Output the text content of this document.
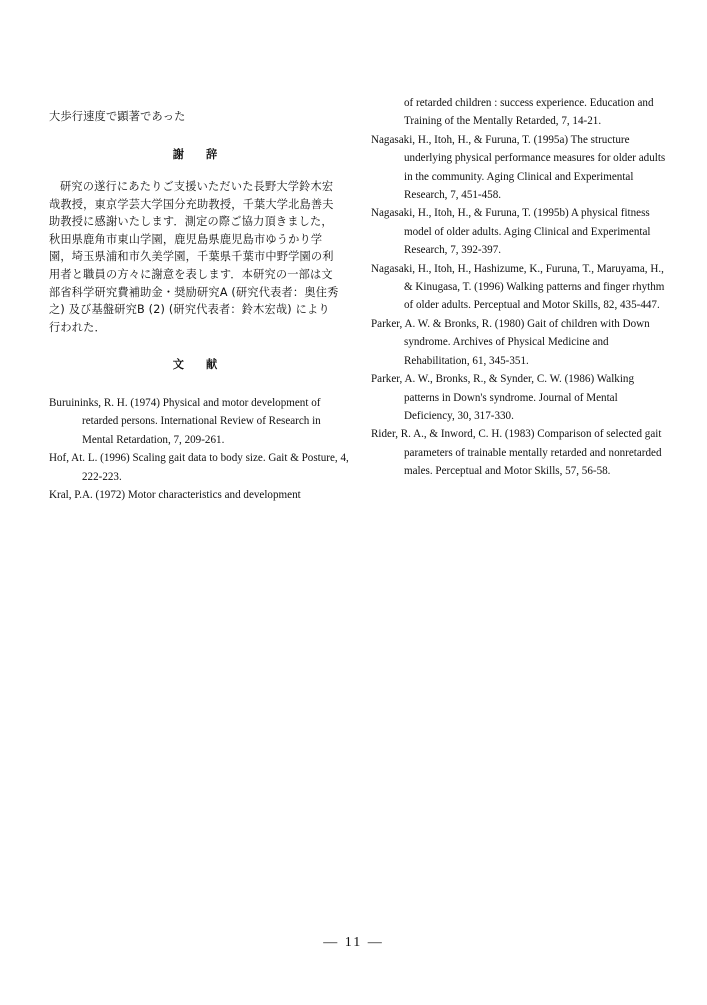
大歩行速度で顕著であった
謝辞

研究の遂行にあたりご支援いただいた長野大学鈴木宏哉教授，東京学芸大学国分充助教授，千葉大学北島善夫助教授に感謝いたします．測定の際ご協力頂きました，秋田県鹿角市東山学園，鹿児島県鹿児島市ゆうかり学園，埼玉県浦和市久美学園，千葉県千葉市中野学園の利用者と職員の方々に謝意を表します．本研究の一部は文部省科学研究費補助金・奨励研究A (研究代表者：奥住秀之) 及び基盤研究B (2) (研究代表者：鈴木宏哉) により行われた．

文献

Buruininks, R. H. (1974) Physical and motor development of retarded persons. International Review of Research in Mental Retardation, 7, 209-261.

Hof, At. L. (1996) Scaling gait data to body size. Gait & Posture, 4, 222-223.

Kral, P.A. (1972) Motor characteristics and development

of retarded children : success experience. Education and Training of the Mentally Retarded, 7, 14-21.

Nagasaki, H., Itoh, H., & Furuna, T. (1995a) The structure underlying physical performance measures for older adults in the community. Aging Clinical and Experimental Research, 7, 451-458.

Nagasaki, H., Itoh, H., & Furuna, T. (1995b) A physical fitness model of older adults. Aging Clinical and Experimental Research, 7, 392-397.

Nagasaki, H., Itoh, H., Hashizume, K., Furuna, T., Maruyama, H., & Kinugasa, T. (1996) Walking patterns and finger rhythm of older adults. Perceptual and Motor Skills, 82, 435-447.

Parker, A. W. & Bronks, R. (1980) Gait of children with Down syndrome. Archives of Physical Medicine and Rehabilitation, 61, 345-351.

Parker, A. W., Bronks, R., & Synder, C. W. (1986) Walking patterns in Down's syndrome. Journal of Mental Deficiency, 30, 317-330.

Rider, R. A., & Inword, C. H. (1983) Comparison of selected gait parameters of trainable mentally retarded and nonretarded males. Perceptual and Motor Skills, 57, 56-58.

— 11 —
